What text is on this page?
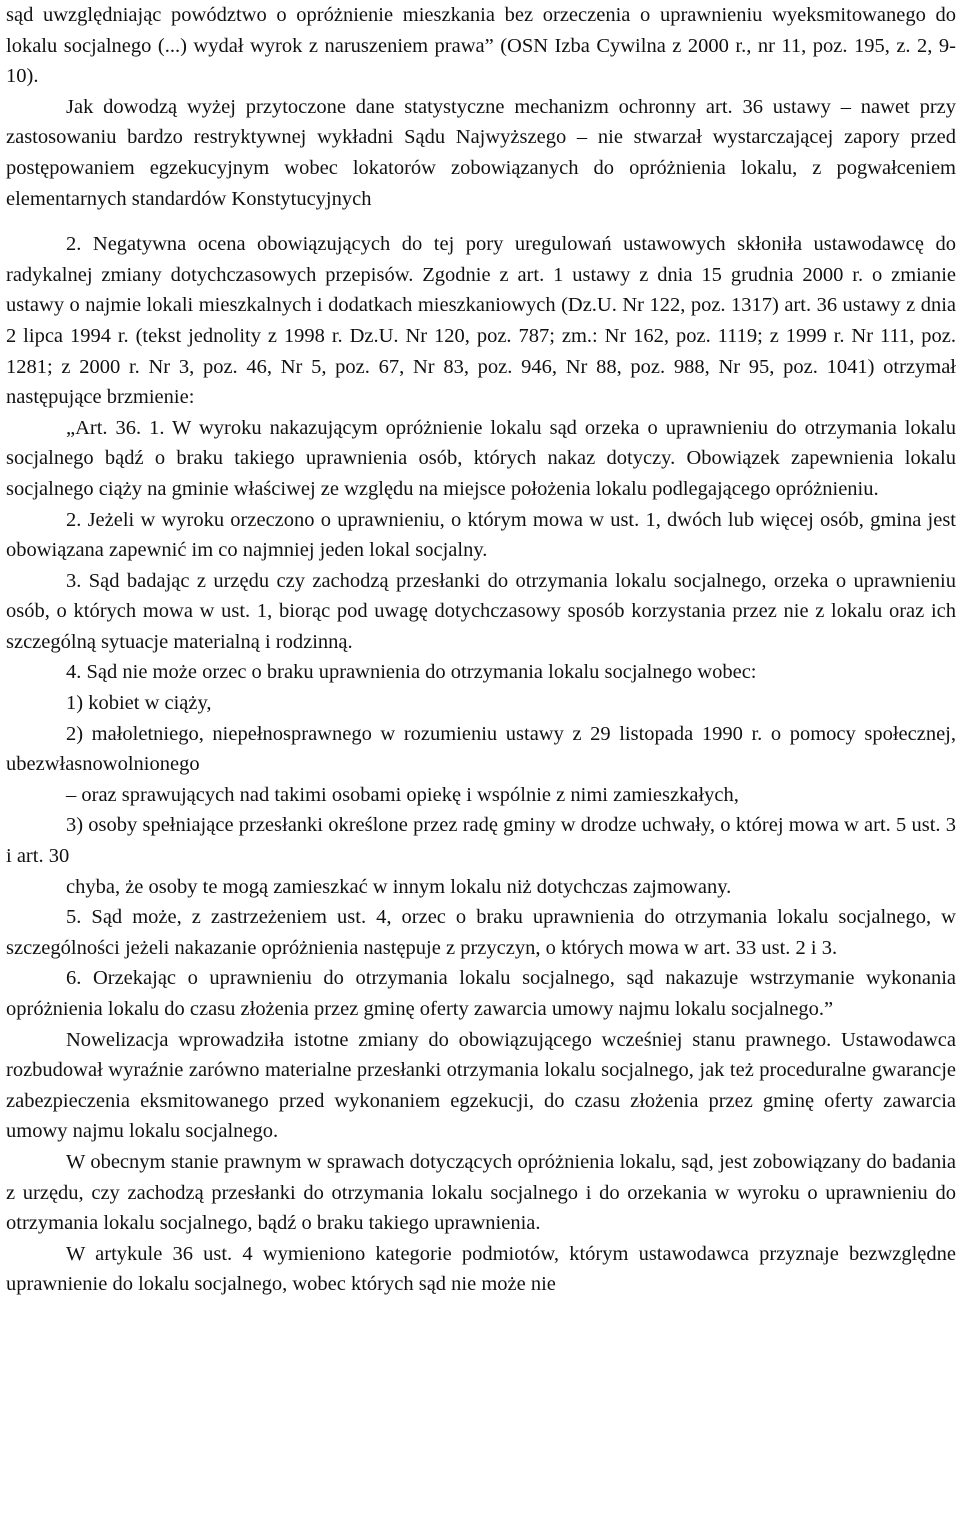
sąd uwzględniając powództwo o opróżnienie mieszkania bez orzeczenia o uprawnieniu wyeksmitowanego do lokalu socjalnego (...) wydał wyrok z naruszeniem prawa” (OSN Izba Cywilna z 2000 r., nr 11, poz. 195, z. 2, 9-10).

Jak dowodzą wyżej przytoczone dane statystyczne mechanizm ochronny art. 36 ustawy – nawet przy zastosowaniu bardzo restryktywnej wykładni Sądu Najwyższego – nie stwarzał wystarczającej zapory przed postępowaniem egzekucyjnym wobec lokatorów zobowiązanych do opróżnienia lokalu, z pogwałceniem elementarnych standardów Konstytucyjnych

2. Negatywna ocena obowiązujących do tej pory uregulowań ustawowych skłoniła ustawodawcę do radykalnej zmiany dotychczasowych przepisów. Zgodnie z art. 1 ustawy z dnia 15 grudnia 2000 r. o zmianie ustawy o najmie lokali mieszkalnych i dodatkach mieszkaniowych (Dz.U. Nr 122, poz. 1317) art. 36 ustawy z dnia 2 lipca 1994 r. (tekst jednolity z 1998 r. Dz.U. Nr 120, poz. 787; zm.: Nr 162, poz. 1119; z 1999 r. Nr 111, poz. 1281; z 2000 r. Nr 3, poz. 46, Nr 5, poz. 67, Nr 83, poz. 946, Nr 88, poz. 988, Nr 95, poz. 1041) otrzymał następujące brzmienie:

„Art. 36. 1. W wyroku nakazującym opróżnienie lokalu sąd orzeka o uprawnieniu do otrzymania lokalu socjalnego bądź o braku takiego uprawnienia osób, których nakaz dotyczy. Obowiązek zapewnienia lokalu socjalnego ciąży na gminie właściwej ze względu na miejsce położenia lokalu podlegającego opróżnieniu.

2. Jeżeli w wyroku orzeczono o uprawnieniu, o którym mowa w ust. 1, dwóch lub więcej osób, gmina jest obowiązana zapewnić im co najmniej jeden lokal socjalny.

3. Sąd badając z urzędu czy zachodzą przesłanki do otrzymania lokalu socjalnego, orzeka o uprawnieniu osób, o których mowa w ust. 1, biorąc pod uwagę dotychczasowy sposób korzystania przez nie z lokalu oraz ich szczególną sytuacje materialną i rodzinną.

4. Sąd nie może orzec o braku uprawnienia do otrzymania lokalu socjalnego wobec:

1) kobiet w ciąży,

2) małoletniego, niepełnosprawnego w rozumieniu ustawy z 29 listopada 1990 r. o pomocy społecznej, ubezwłasnowolnionego

– oraz sprawujących nad takimi osobami opiekę i wspólnie z nimi zamieszkałych,

3) osoby spełniające przesłanki określone przez radę gminy w drodze uchwały, o której mowa w art. 5 ust. 3 i art. 30

chyba, że osoby te mogą zamieszkać w innym lokalu niż dotychczas zajmowany.

5. Sąd może, z zastrzeżeniem ust. 4, orzec o braku uprawnienia do otrzymania lokalu socjalnego, w szczególności jeżeli nakazanie opróżnienia następuje z przyczyn, o których mowa w art. 33 ust. 2 i 3.

6. Orzekając o uprawnieniu do otrzymania lokalu socjalnego, sąd nakazuje wstrzymanie wykonania opróżnienia lokalu do czasu złożenia przez gminę oferty zawarcia umowy najmu lokalu socjalnego.”

Nowelizacja wprowadziła istotne zmiany do obowiązującego wcześniej stanu prawnego. Ustawodawca rozbudował wyraźnie zarówno materialne przesłanki otrzymania lokalu socjalnego, jak też proceduralne gwarancje zabezpieczenia eksmitowanego przed wykonaniem egzekucji, do czasu złożenia przez gminę oferty zawarcia umowy najmu lokalu socjalnego.

W obecnym stanie prawnym w sprawach dotyczących opróżnienia lokalu, sąd, jest zobowiązany do badania z urzędu, czy zachodzą przesłanki do otrzymania lokalu socjalnego i do orzekania w wyroku o uprawnieniu do otrzymania lokalu socjalnego, bądź o braku takiego uprawnienia.

W artykule 36 ust. 4 wymieniono kategorie podmiotów, którym ustawodawca przyznaje bezwzględne uprawnienie do lokalu socjalnego, wobec których sąd nie może nie
